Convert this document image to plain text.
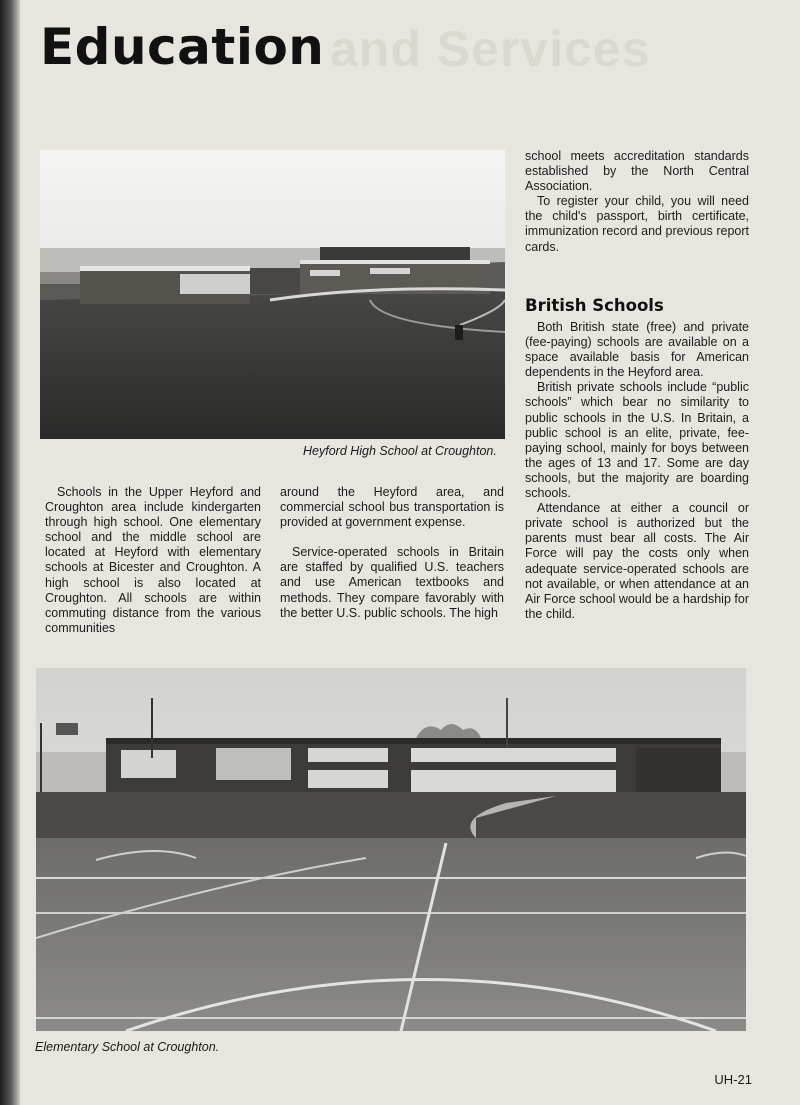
and Services
Education
Heyford High School at Croughton.

Schools in the Upper Heyford and Croughton area include kindergarten through high school. One elementary school and the middle school are located at Heyford with elementary schools at Bicester and Croughton. A high school is also located at Croughton. All schools are within commuting distance from the various communities

around the Heyford area, and commercial school bus transportation is provided at government expense.

Service-operated schools in Britain are staffed by qualified U.S. teachers and use American textbooks and methods. They compare favorably with the better U.S. public schools. The high

school meets accreditation standards established by the North Central Association.

To register your child, you will need the child's passport, birth certificate, immunization record and previous report cards.

British Schools

Both British state (free) and private (fee-paying) schools are available on a space available basis for American dependents in the Heyford area.

British private schools include “public schools” which bear no similarity to public schools in the U.S. In Britain, a public school is an elite, private, fee-paying school, mainly for boys between the ages of 13 and 17. Some are day schools, but the majority are boarding schools.

Attendance at either a council or private school is authorized but the parents must bear all costs. The Air Force will pay the costs only when adequate service-operated schools are not available, or when attendance at an Air Force school would be a hardship for the child.

Elementary School at Croughton.
UH-21
